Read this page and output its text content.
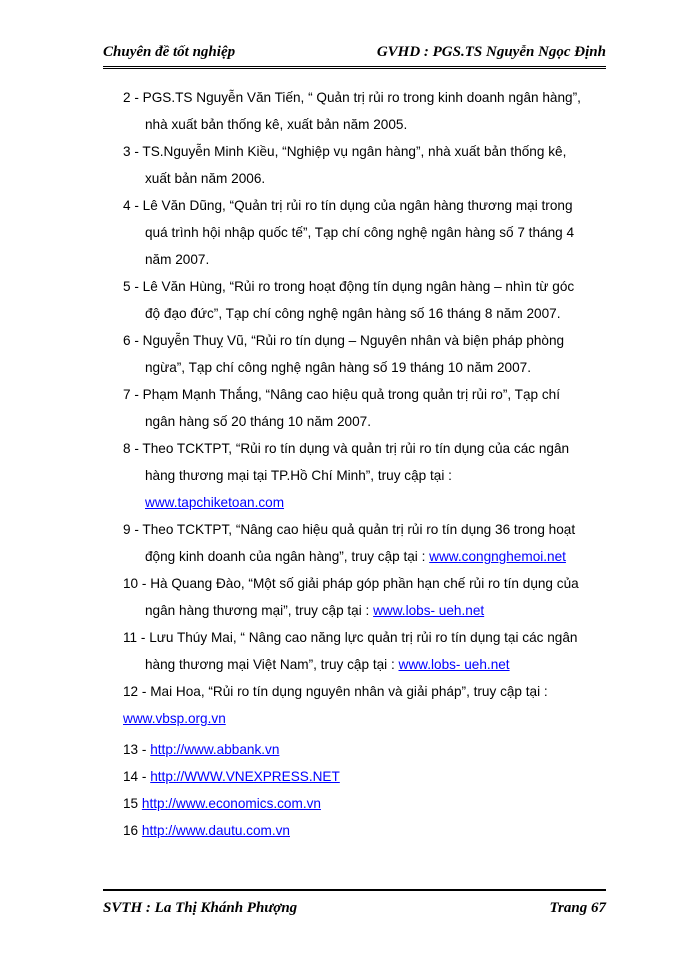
Chuyên đề tốt nghiệp	GVHD : PGS.TS Nguyễn Ngọc Định
2 - PGS.TS Nguyễn Văn Tiến, “ Quản trị rủi ro trong kinh doanh ngân hàng”, nhà xuất bản thống kê, xuất bản năm 2005.
3 - TS.Nguyễn Minh Kiều, “Nghiệp vụ ngân hàng”, nhà xuất bản thống kê, xuất bản năm 2006.
4 - Lê Văn Dũng, “Quản trị rủi ro tín dụng của ngân hàng thương mại trong quá trình hội nhập quốc tế”, Tạp chí công nghệ ngân hàng số 7 tháng 4 năm 2007.
5 - Lê Văn Hùng, “Rủi ro trong hoạt động tín dụng ngân hàng – nhìn từ góc độ đạo đức”, Tạp chí công nghệ ngân hàng số 16 tháng 8 năm 2007.
6 - Nguyễn Thuỵ Vũ, “Rủi ro tín dụng – Nguyên nhân và biện pháp phòng ngừa”, Tạp chí công nghệ ngân hàng số 19 tháng 10 năm 2007.
7 - Phạm Mạnh Thắng, “Nâng cao hiệu quả trong quản trị rủi ro”, Tạp chí ngân hàng số 20 tháng 10 năm 2007.
8 - Theo TCKTPT, “Rủi ro tín dụng và quản trị rủi ro tín dụng của các ngân hàng thương mại tại TP.Hồ Chí Minh”, truy cập tại : www.tapchiketoan.com
9 - Theo TCKTPT, “Nâng cao hiệu quả quản trị rủi ro tín dụng 36 trong hoạt động kinh doanh của ngân hàng”, truy cập tại : www.congnghemoi.net
10 - Hà Quang Đào, “Một số giải pháp góp phần hạn chế rủi ro tín dụng của ngân hàng thương mại”, truy cập tại : www.lobs- ueh.net
11 - Lưu Thúy Mai, “ Nâng cao năng lực quản trị rủi ro tín dụng tại các ngân hàng thương mại Việt Nam”, truy cập tại : www.lobs- ueh.net
12 - Mai Hoa, “Rủi ro tín dụng nguyên nhân và giải pháp”, truy cập tại : www.vbsp.org.vn
13 - http://www.abbank.vn
14 - http://WWW.VNEXPRESS.NET
15 http://www.economics.com.vn
16 http://www.dautu.com.vn
SVTH : La Thị Khánh Phượng	Trang 67
